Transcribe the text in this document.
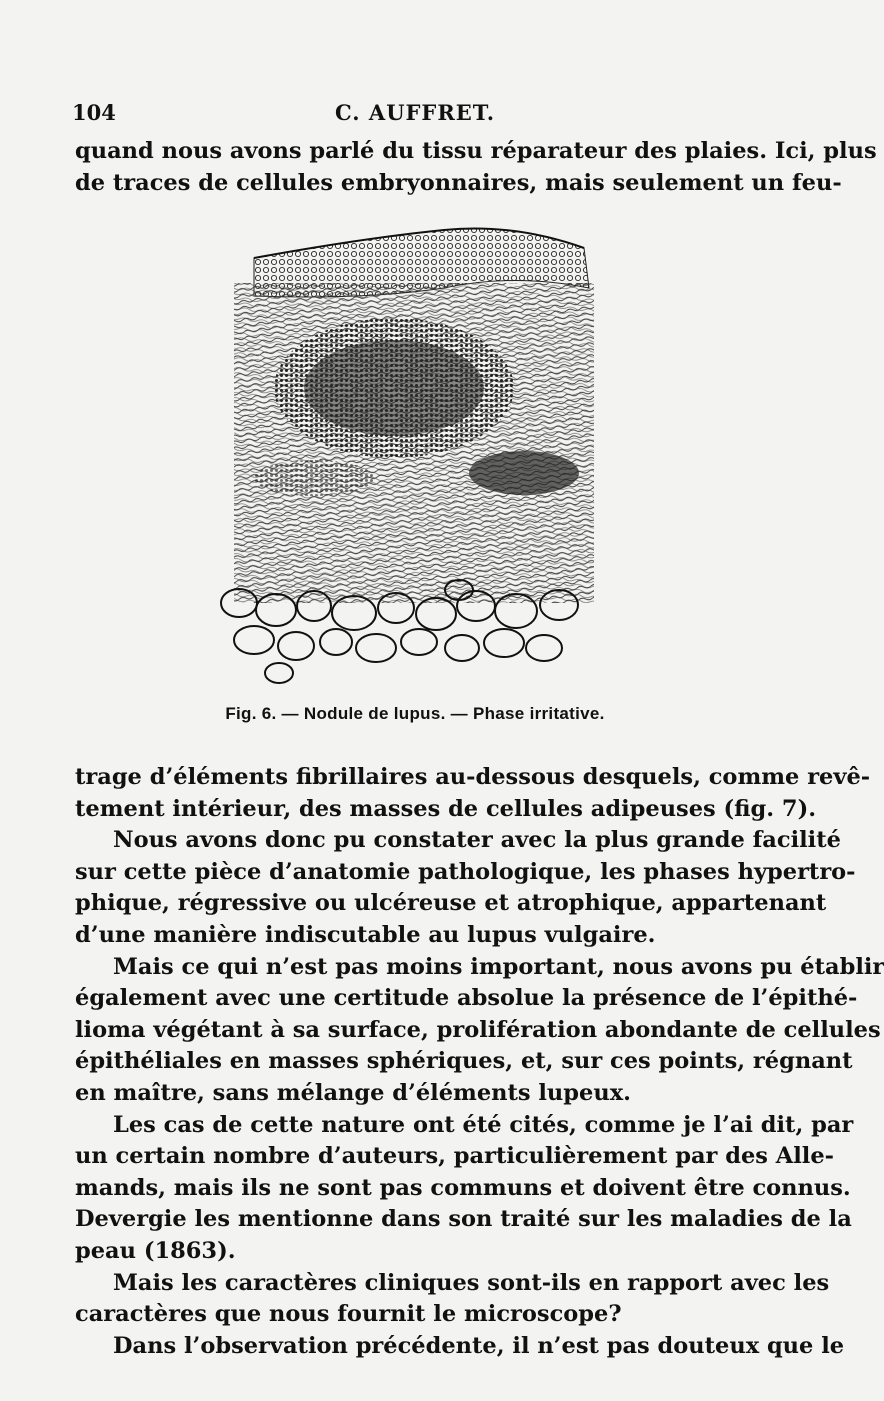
104	C. AUFFRET.
quand nous avons parlé du tissu réparateur des plaies. Ici, plus
de traces de cellules embryonnaires, mais seulement un feu-
Fig. 6. — Nodule de lupus. — Phase irritative.
trage d’éléments fibrillaires au-dessous desquels, comme revê-
tement intérieur, des masses de cellules adipeuses (fig. 7).
Nous avons donc pu constater avec la plus grande facilité
sur cette pièce d’anatomie pathologique, les phases hypertro-
phique, régressive ou ulcéreuse et atrophique, appartenant
d’une manière indiscutable au lupus vulgaire.
Mais ce qui n’est pas moins important, nous avons pu établir
également avec une certitude absolue la présence de l’épithé-
lioma végétant à sa surface, prolifération abondante de cellules
épithéliales en masses sphériques, et, sur ces points, régnant
en maître, sans mélange d’éléments lupeux.
Les cas de cette nature ont été cités, comme je l’ai dit, par
un certain nombre d’auteurs, particulièrement par des Alle-
mands, mais ils ne sont pas communs et doivent être connus.
Devergie les mentionne dans son traité sur les maladies de la
peau (1863).
Mais les caractères cliniques sont-ils en rapport avec les
caractères que nous fournit le microscope?
Dans l’observation précédente, il n’est pas douteux que le
